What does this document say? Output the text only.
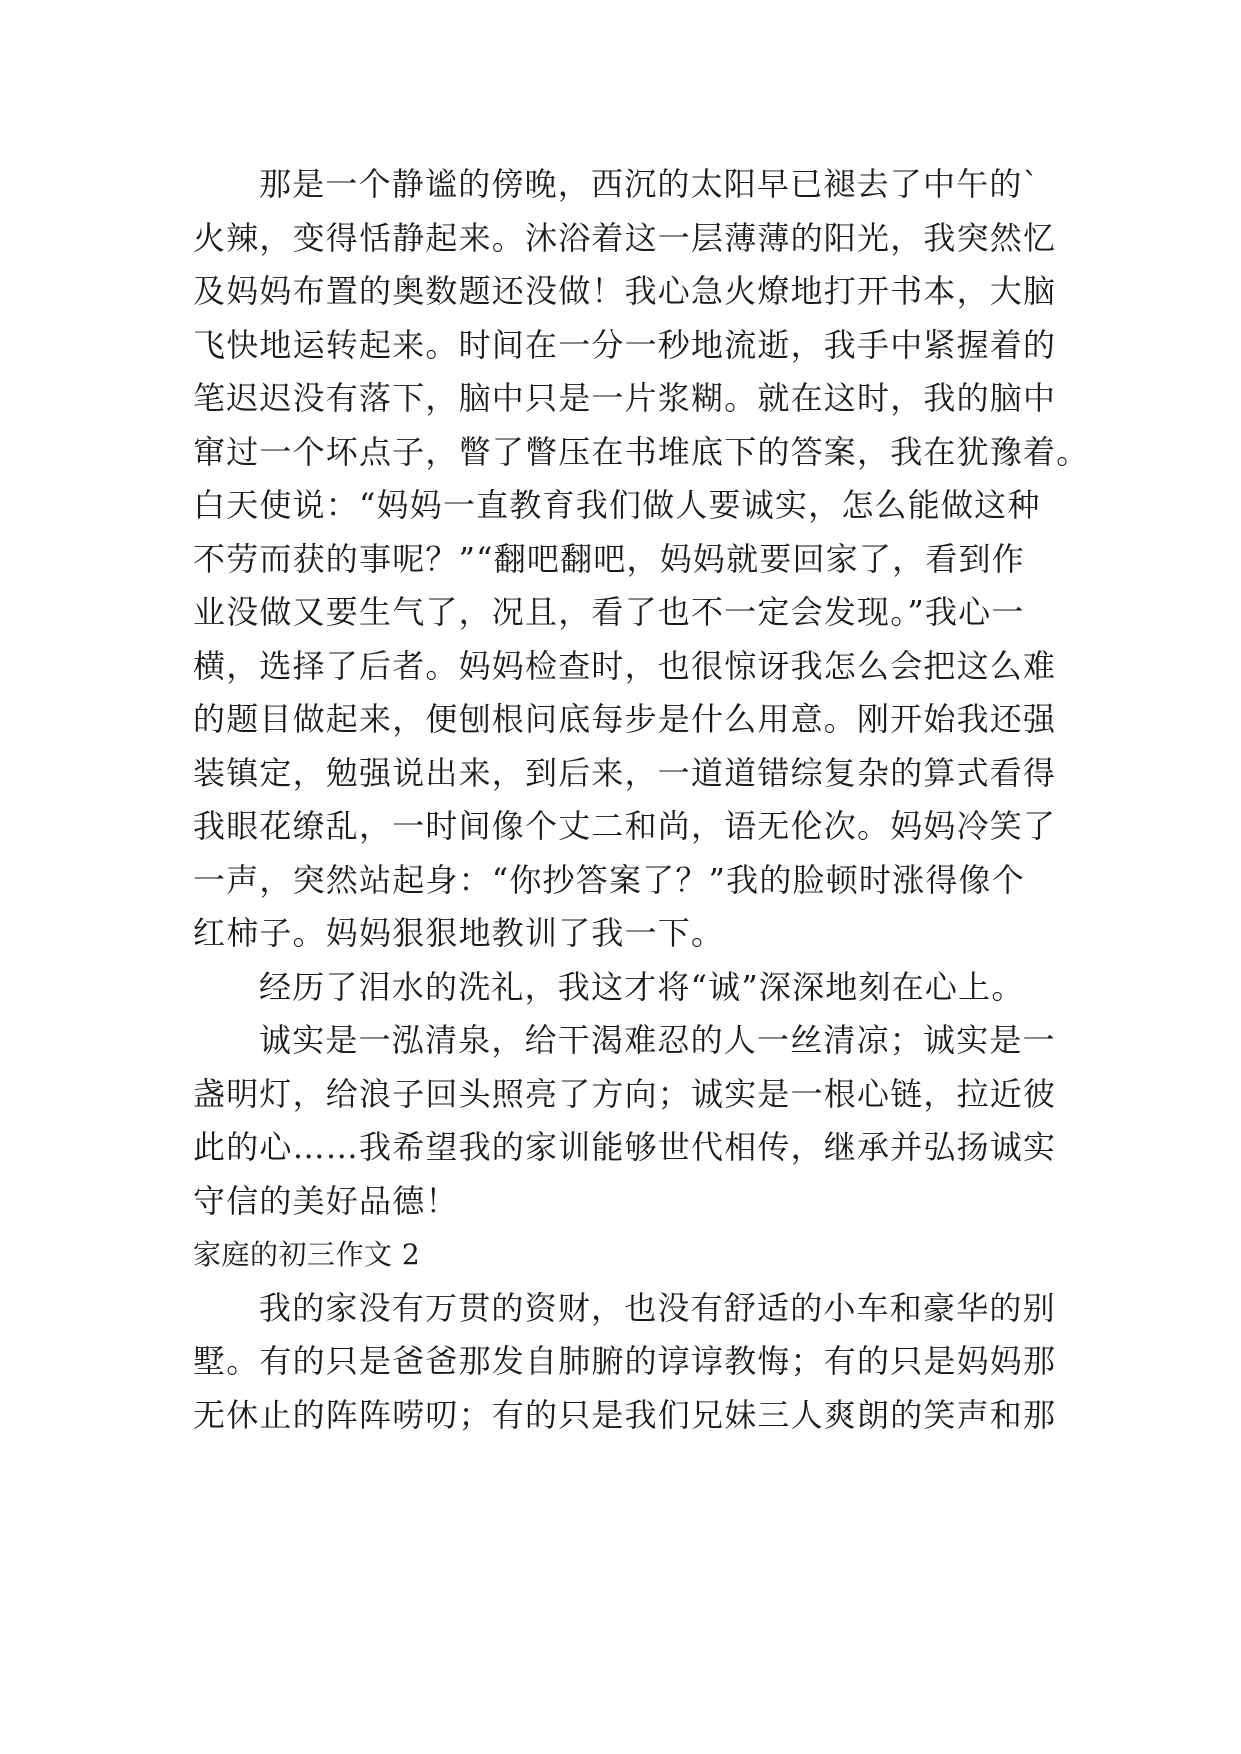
那是一个静谧的傍晚，西沉的太阳早已褪去了中午的`
火辣，变得恬静起来。沐浴着这一层薄薄的阳光，我突然忆
及妈妈布置的奥数题还没做！我心急火燎地打开书本，大脑
飞快地运转起来。时间在一分一秒地流逝，我手中紧握着的
笔迟迟没有落下，脑中只是一片浆糊。就在这时，我的脑中
窜过一个坏点子，瞥了瞥压在书堆底下的答案，我在犹豫着。
白天使说：“妈妈一直教育我们做人要诚实，怎么能做这种
不劳而获的事呢？”“翻吧翻吧，妈妈就要回家了，看到作
业没做又要生气了，况且，看了也不一定会发现。”我心一
横，选择了后者。妈妈检查时，也很惊讶我怎么会把这么难
的题目做起来，便刨根问底每步是什么用意。刚开始我还强
装镇定，勉强说出来，到后来，一道道错综复杂的算式看得
我眼花缭乱，一时间像个丈二和尚，语无伦次。妈妈冷笑了
一声，突然站起身：“你抄答案了？”我的脸顿时涨得像个
红柿子。妈妈狠狠地教训了我一下。
经历了泪水的洗礼，我这才将“诚”深深地刻在心上。
诚实是一泓清泉，给干渴难忍的人一丝清凉；诚实是一
盏明灯，给浪子回头照亮了方向；诚实是一根心链，拉近彼
此的心……我希望我的家训能够世代相传，继承并弘扬诚实
守信的美好品德！
家庭的初三作文 2
我的家没有万贯的资财，也没有舒适的小车和豪华的别
墅。有的只是爸爸那发自肺腑的谆谆教悔；有的只是妈妈那
无休止的阵阵唠叨；有的只是我们兄妹三人爽朗的笑声和那
